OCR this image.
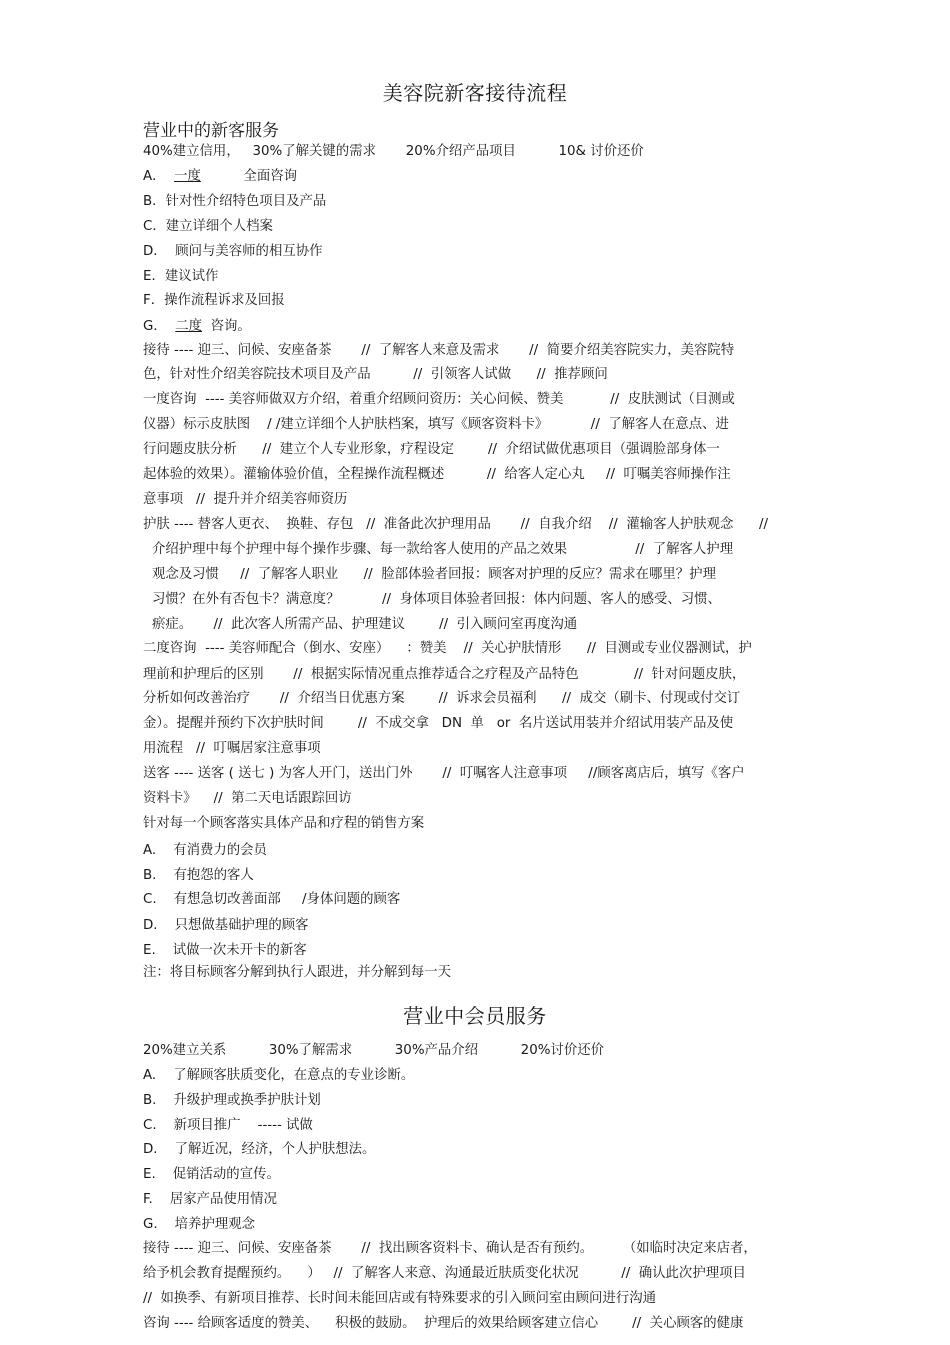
美容院新客接待流程
营业中的新客服务
40%建立信用，   30%了解关键的需求       20%介绍产品项目          10& 讨价还价
A．  一度          全面咨询
B．针对性介绍特色项目及产品
C．建立详细个人档案
D．  顾问与美容师的相互协作
E．建议试作
F．操作流程诉求及回报
G．  二度  咨询。
接待 ---- 迎三、问候、安座备茶       //  了解客人来意及需求       //  简要介绍美容院实力，美容院特
色，针对性介绍美容院技术项目及产品          //  引领客人试做      //  推荐顾问
一度咨询  ---- 美容师做双方介绍，着重介绍顾问资历：关心问候、赞美           //  皮肤测试（目测或
仪器）标示皮肤图    / /建立详细个人护肤档案，填写《顾客资料卡》          //  了解客人在意点、进
行问题皮肤分析      //  建立个人专业形象，疗程设定        //  介绍试做优惠项目（强调脸部身体一
起体验的效果）。灌输体验价值，全程操作流程概述          //  给客人定心丸     //  叮嘱美容师操作注
意事项   //  提升并介绍美容师资历
护肤 ---- 替客人更衣、  换鞋、存包   //  准备此次护理用品       //  自我介绍    //  灌输客人护肤观念      //
介绍护理中每个护理中每个操作步骤、每一款给客人使用的产品之效果                //  了解客人护理
观念及习惯     //  了解客人职业      //  脸部体验者回报：顾客对护理的反应？需求在哪里？护理
习惯？在外有否包卡？满意度？          //  身体项目体验者回报：体内问题、客人的感受、习惯、
瘀症。     //  此次客人所需产品、护理建议        //  引入顾问室再度沟通
二度咨询  ---- 美容师配合（倒水、安座）    ：赞美    //  关心护肤情形      //  目测或专业仪器测试，护
理前和护理后的区别       //  根据实际情况重点推荐适合之疗程及产品特色             //  针对问题皮肤，
分析如何改善治疗       //  介绍当日优惠方案        //  诉求会员福利      //  成交（刷卡、付现或付交订
金）。提醒并预约下次护肤时间        //  不成交拿   DN  单   or  名片送试用装并介绍试用装产品及使
用流程   //  叮嘱居家注意事项
送客 ---- 送客 ( 送七 ) 为客人开门，送出门外       //  叮嘱客人注意事项     //顾客离店后，填写《客户
资料卡》    //  第二天电话跟踪回访
针对每一个顾客落实具体产品和疗程的销售方案
A.    有消费力的会员
B.    有抱怨的客人
C.    有想急切改善面部     /身体问题的顾客
D.    只想做基础护理的顾客
E.    试做一次未开卡的新客
注：将目标顾客分解到执行人跟进，并分解到每一天
营业中会员服务
20%建立关系          30%了解需求          30%产品介绍          20%讨价还价
A.    了解顾客肤质变化，在意点的专业诊断。
B.    升级护理或换季护肤计划
C.    新项目推广    ----- 试做
D.    了解近况，经济，个人护肤想法。
E.    促销活动的宣传。
F.    居家产品使用情况
G.    培养护理观念
接待 ---- 迎三、问候、安座备茶       //  找出顾客资料卡、确认是否有预约。       （如临时决定来店者，
给予机会教育提醒预约。    ）   //  了解客人来意、沟通最近肤质变化状况          //  确认此次护理项目
//  如换季、有新项目推荐、长时间未能回店或有特殊要求的引入顾问室由顾问进行沟通
咨询 ---- 给顾客适度的赞美、    积极的鼓励。  护理后的效果给顾客建立信心        //  关心顾客的健康
